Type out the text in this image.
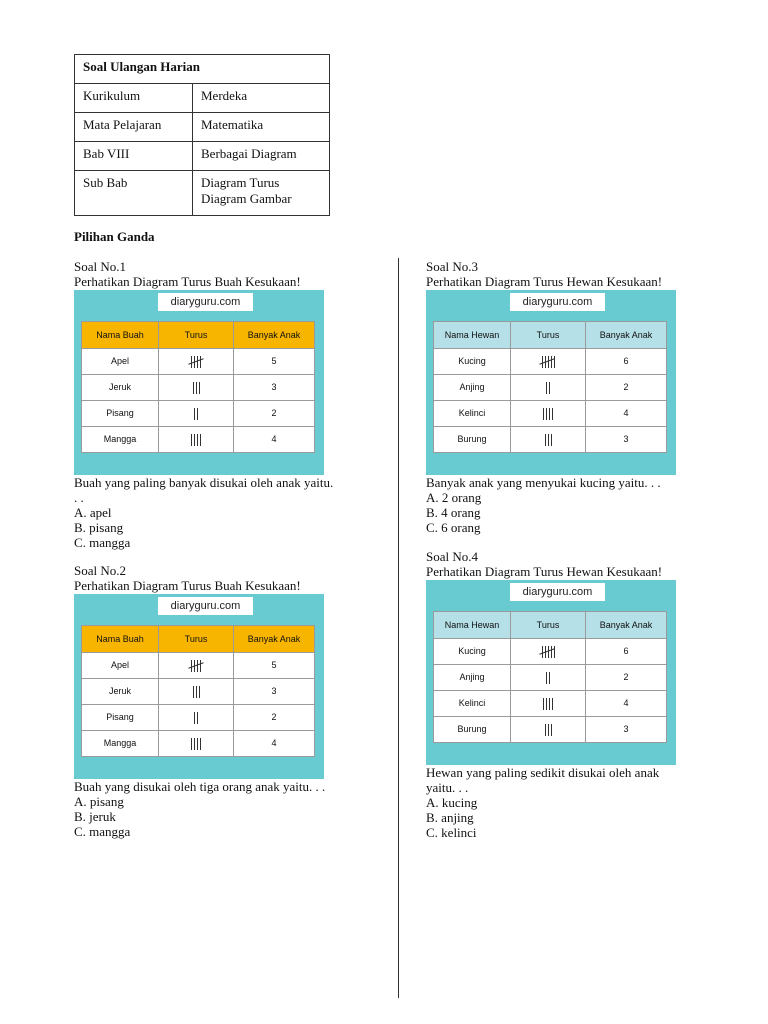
Soal Ulangan Harian	
Kurikulum	Merdeka
Mata Pelajaran	Matematika
Bab VIII	Berbagai Diagram
Sub Bab	Diagram Turus
Diagram Gambar
Pilihan Ganda
Soal No.1
Perhatikan Diagram Turus Buah Kesukaan!
diaryguru.com
Nama Buah	Turus	Banyak Anak
Apel		5
Jeruk		3
Pisang		2
Mangga		4
Buah yang paling banyak disukai oleh anak yaitu.
. .
A. apel
B. pisang
C. mangga
Soal No.2
Perhatikan Diagram Turus Buah Kesukaan!
diaryguru.com
Nama Buah	Turus	Banyak Anak
Apel		5
Jeruk		3
Pisang		2
Mangga		4
Buah yang disukai oleh tiga orang anak yaitu. . .
A. pisang
B. jeruk
C. mangga
Soal No.3
Perhatikan Diagram Turus Hewan Kesukaan!
diaryguru.com
Nama Hewan	Turus	Banyak Anak
Kucing		6
Anjing		2
Kelinci		4
Burung		3
Banyak anak yang menyukai kucing yaitu. . .
A. 2 orang
B. 4 orang
C. 6 orang
Soal No.4
Perhatikan Diagram Turus Hewan Kesukaan!
diaryguru.com
Nama Hewan	Turus	Banyak Anak
Kucing		6
Anjing		2
Kelinci		4
Burung		3
Hewan yang paling sedikit disukai oleh anak
yaitu. . .
A. kucing
B. anjing
C. kelinci
